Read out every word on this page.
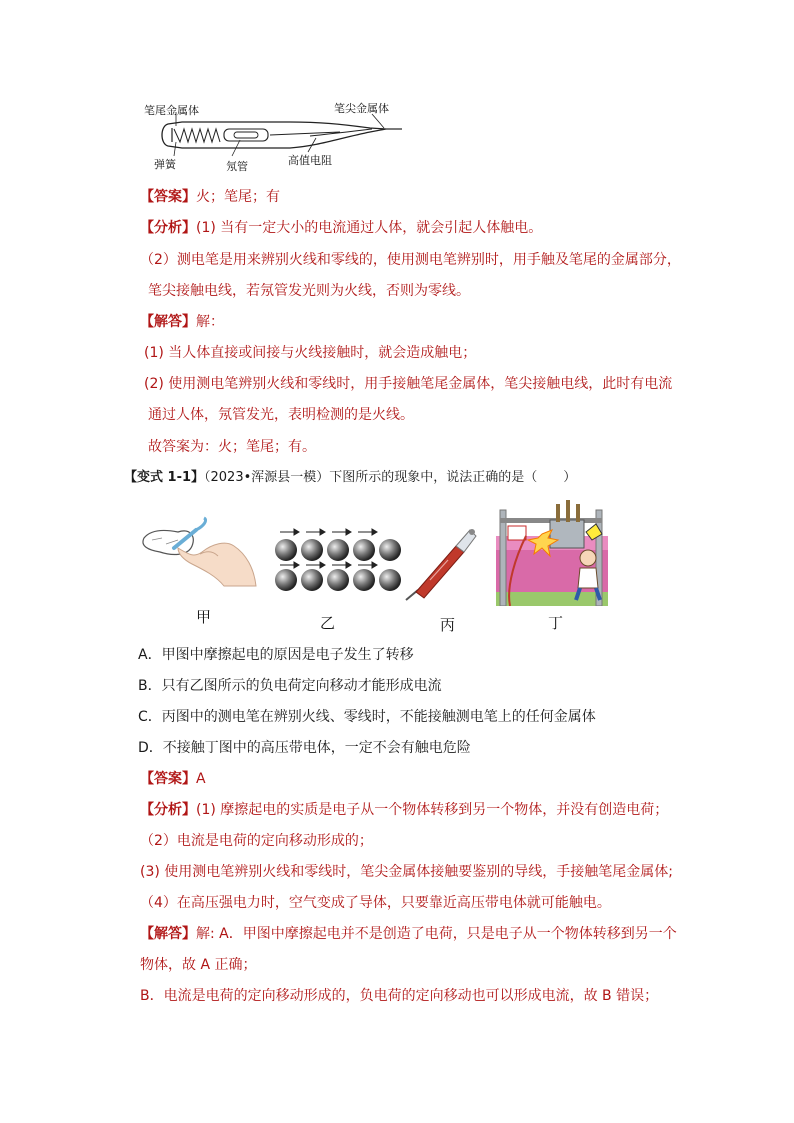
笔尾金属体	笔尖金属体
弹簧	氖管	高值电阻
【答案】火；笔尾；有
【分析】(1) 当有一定大小的电流通过人体，就会引起人体触电。
（2）测电笔是用来辨别火线和零线的，使用测电笔辨别时，用手触及笔尾的金属部分，
笔尖接触电线，若氖管发光则为火线，否则为零线。
【解答】解：
(1) 当人体直接或间接与火线接触时，就会造成触电；
(2) 使用测电笔辨别火线和零线时，用手接触笔尾金属体，笔尖接触电线，此时有电流
通过人体，氖管发光，表明检测的是火线。
故答案为：火；笔尾；有。
【变式 1-1】（2023•浑源县一模）下图所示的现象中，说法正确的是（　　）
甲	乙	丙	丁
A．甲图中摩擦起电的原因是电子发生了转移
B．只有乙图所示的负电荷定向移动才能形成电流
C．丙图中的测电笔在辨别火线、零线时，不能接触测电笔上的任何金属体
D．不接触丁图中的高压带电体，一定不会有触电危险
【答案】A
【分析】(1) 摩擦起电的实质是电子从一个物体转移到另一个物体，并没有创造电荷；
（2）电流是电荷的定向移动形成的；
(3) 使用测电笔辨别火线和零线时，笔尖金属体接触要鉴别的导线，手接触笔尾金属体;
（4）在高压强电力时，空气变成了导体，只要靠近高压带电体就可能触电。
【解答】解: A．甲图中摩擦起电并不是创造了电荷，只是电子从一个物体转移到另一个
物体，故 A 正确；
B．电流是电荷的定向移动形成的，负电荷的定向移动也可以形成电流，故 B 错误；
